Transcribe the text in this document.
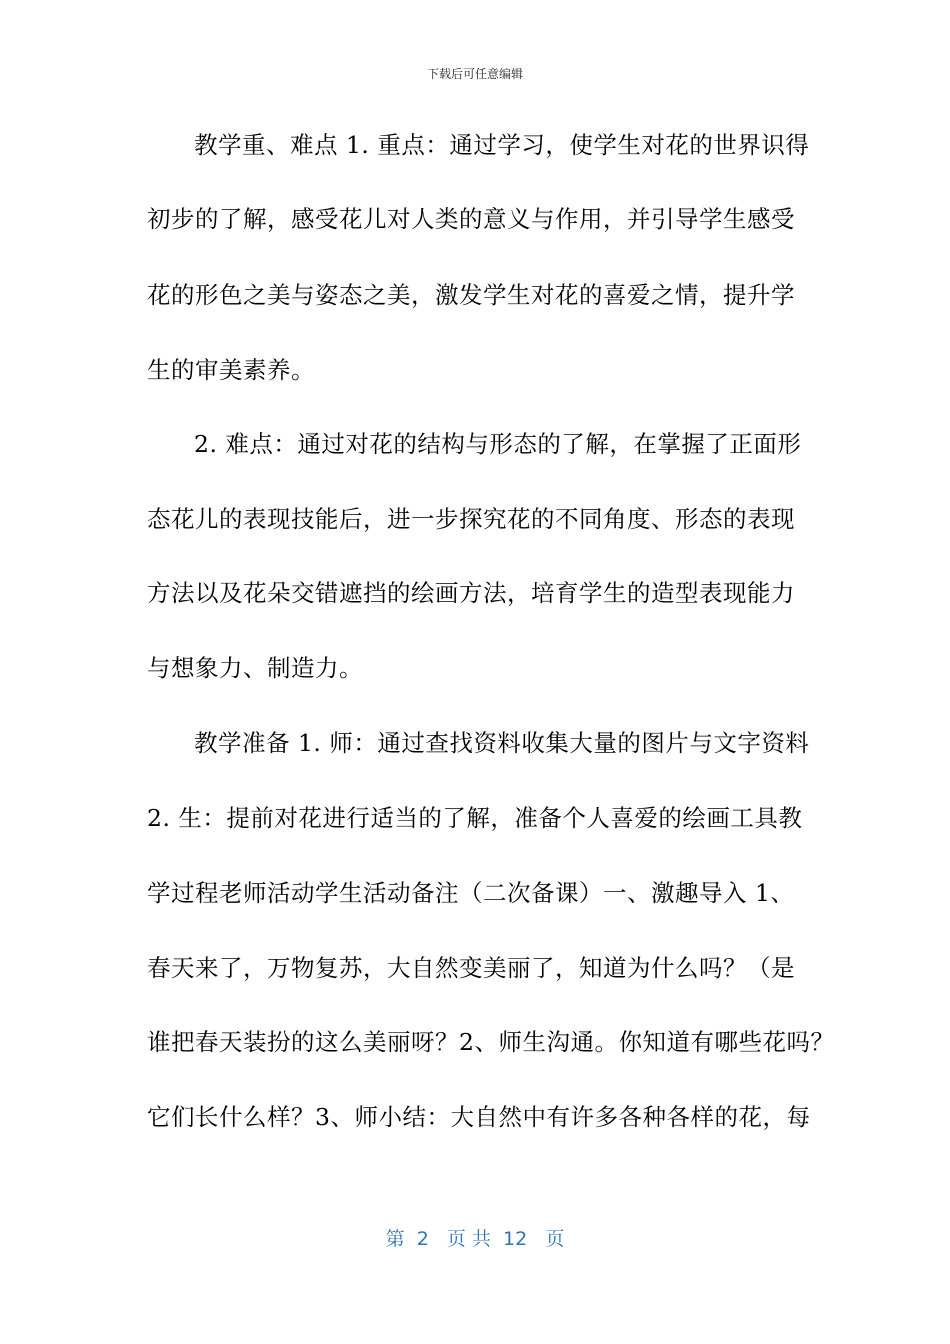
下载后可任意编辑
教学重、难点 1. 重点：通过学习，使学生对花的世界识得
初步的了解，感受花儿对人类的意义与作用，并引导学生感受
花的形色之美与姿态之美，激发学生对花的喜爱之情，提升学
生的审美素养。
2. 难点：通过对花的结构与形态的了解，在掌握了正面形
态花儿的表现技能后，进一步探究花的不同角度、形态的表现
方法以及花朵交错遮挡的绘画方法，培育学生的造型表现能力
与想象力、制造力。
教学准备 1. 师：通过查找资料收集大量的图片与文字资料
2. 生：提前对花进行适当的了解，准备个人喜爱的绘画工具教
学过程老师活动学生活动备注（二次备课）一、激趣导入 1、
春天来了，万物复苏，大自然变美丽了，知道为什么吗？（是
谁把春天装扮的这么美丽呀？2、师生沟通。你知道有哪些花吗？
它们长什么样？3、师小结：大自然中有许多各种各样的花，每
第  2   页 共  12   页
